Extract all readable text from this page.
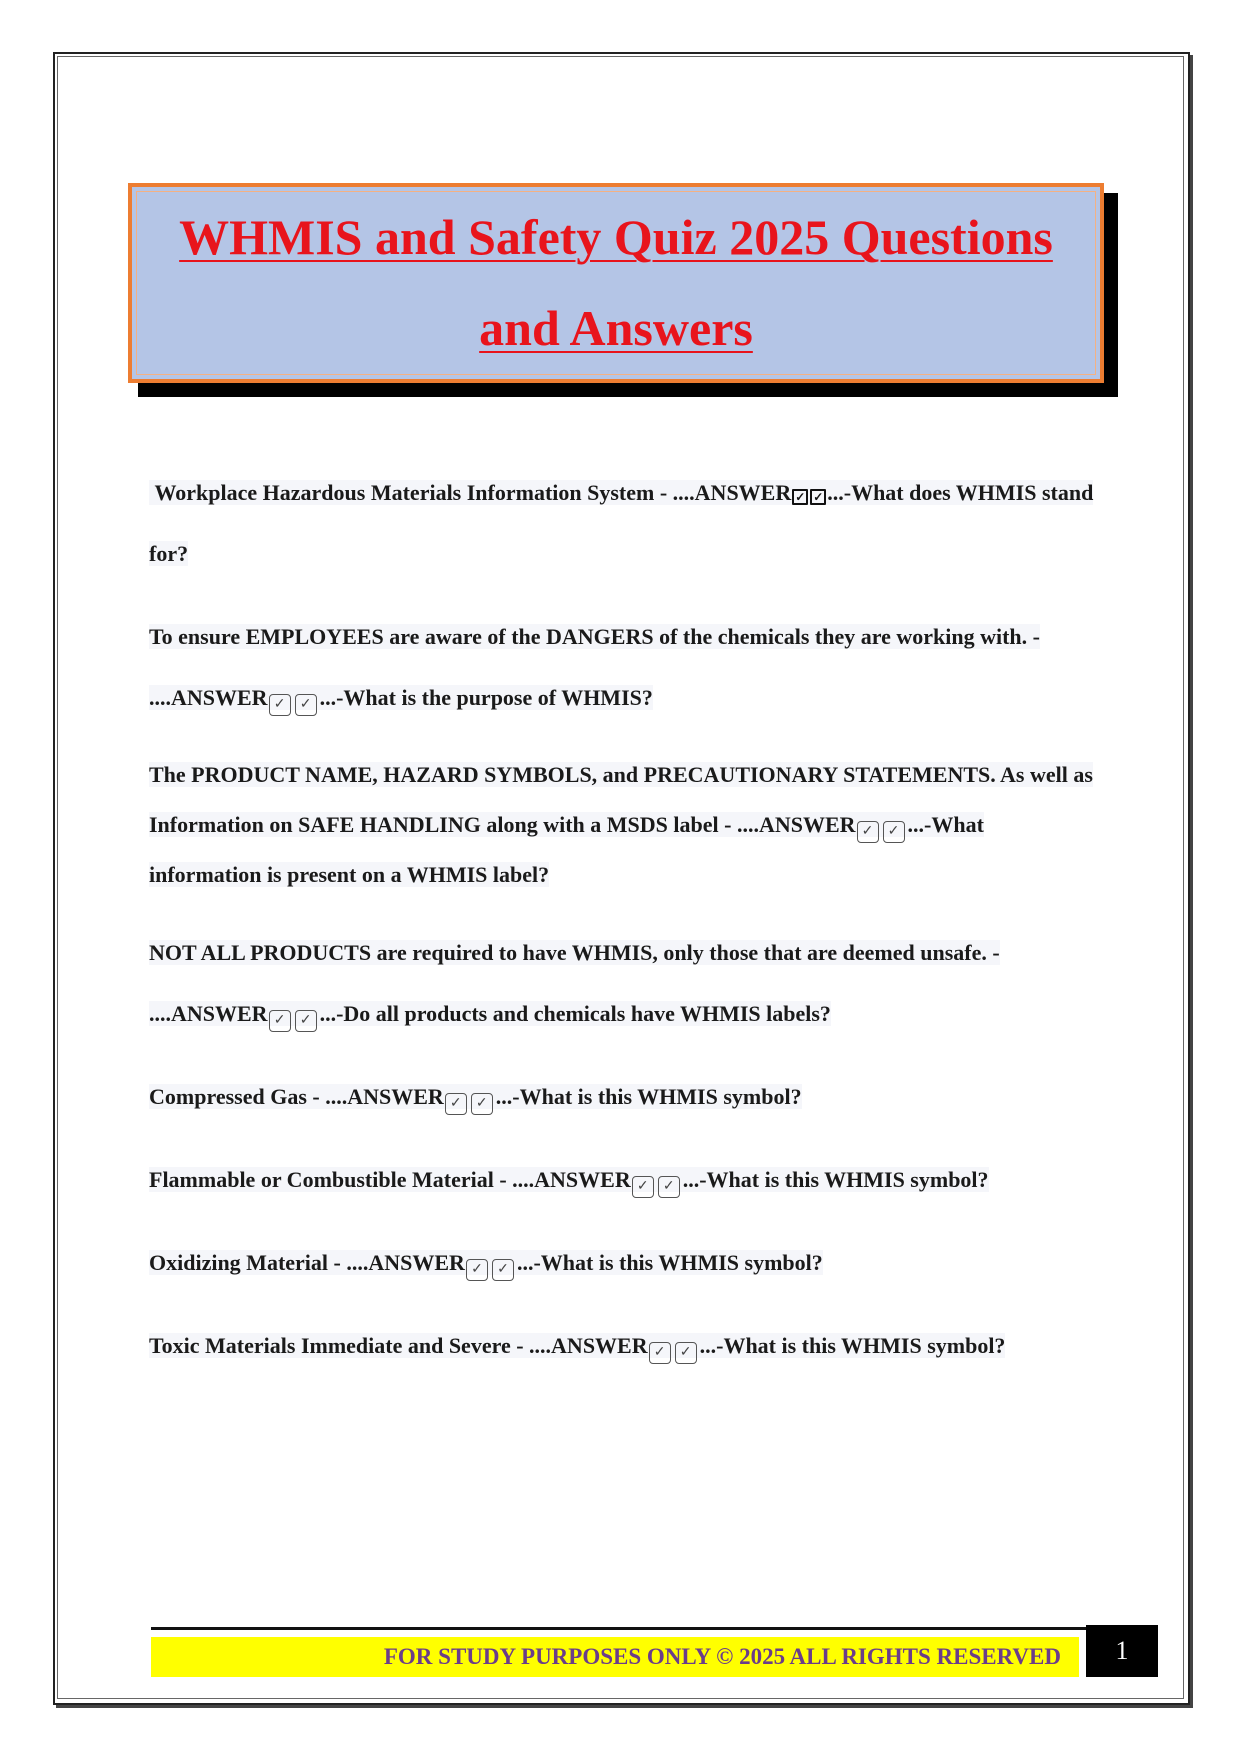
WHMIS and Safety Quiz 2025 Questions and Answers
Workplace Hazardous Materials Information System - ....ANSWER ✓ ✓ ...-What does WHMIS stand for?
To ensure EMPLOYEES are aware of the DANGERS of the chemicals they are working with. - ....ANSWER ✓ ✓ ...-What is the purpose of WHMIS?
The PRODUCT NAME, HAZARD SYMBOLS, and PRECAUTIONARY STATEMENTS. As well as Information on SAFE HANDLING along with a MSDS label - ....ANSWER ✓ ✓ ...-What information is present on a WHMIS label?
NOT ALL PRODUCTS are required to have WHMIS, only those that are deemed unsafe. - ....ANSWER ✓ ✓ ...-Do all products and chemicals have WHMIS labels?
Compressed Gas - ....ANSWER ✓ ✓ ...-What is this WHMIS symbol?
Flammable or Combustible Material - ....ANSWER ✓ ✓ ...-What is this WHMIS symbol?
Oxidizing Material - ....ANSWER ✓ ✓ ...-What is this WHMIS symbol?
Toxic Materials Immediate and Severe - ....ANSWER ✓ ✓ ...-What is this WHMIS symbol?
FOR STUDY PURPOSES ONLY © 2025 ALL RIGHTS RESERVED	1
